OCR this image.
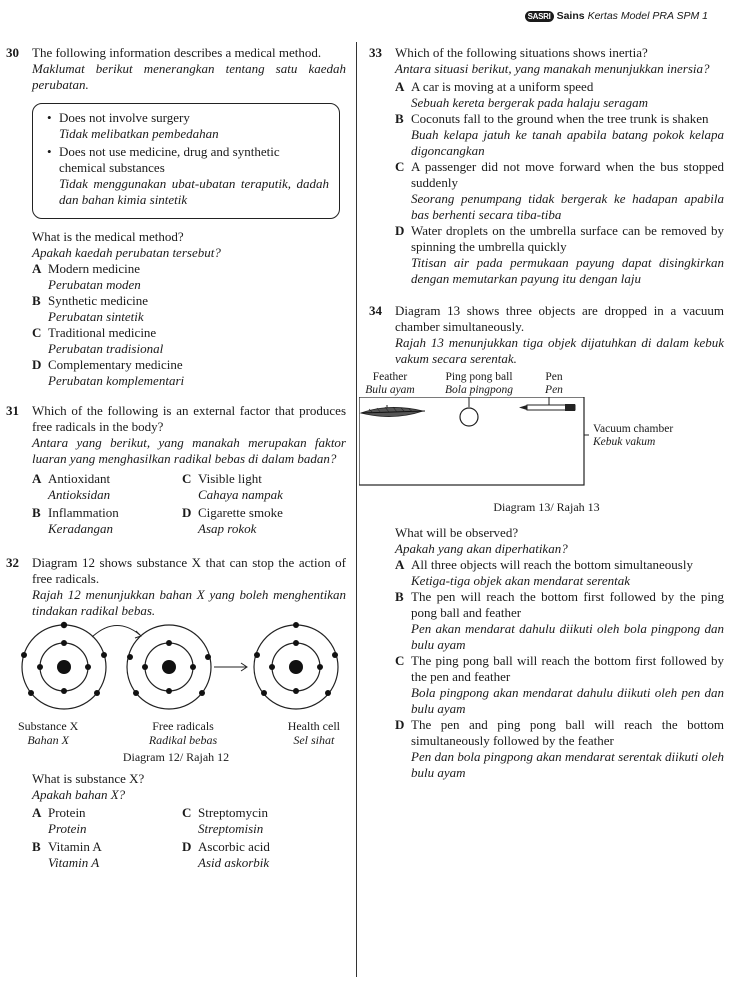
SASRI Sains Kertas Model PRA SPM 1
30 The following information describes a medical method.
Maklumat berikut menerangkan tentang satu kaedah perubatan.
• Does not involve surgery
Tidak melibatkan pembedahan
• Does not use medicine, drug and synthetic chemical substances
Tidak menggunakan ubat-ubatan teraputik, dadah dan bahan kimia sintetik
What is the medical method?
Apakah kaedah perubatan tersebut?
A Modern medicine
Perubatan moden
B Synthetic medicine
Perubatan sintetik
C Traditional medicine
Perubatan tradisional
D Complementary medicine
Perubatan komplementari
31 Which of the following is an external factor that produces free radicals in the body?
Antara yang berikut, yang manakah merupakan faktor luaran yang menghasilkan radikal bebas di dalam badan?
A Antioxidant
Antioksidan
C Visible light
Cahaya nampak
B Inflammation
Keradangan
D Cigarette smoke
Asap rokok
32 Diagram 12 shows substance X that can stop the action of free radicals.
Rajah 12 menunjukkan bahan X yang boleh menghentikan tindakan radikal bebas.
Substance X
Bahan X
Free radicals
Radikal bebas
Health cell
Sel sihat
Diagram 12/ Rajah 12
What is substance X?
Apakah bahan X?
A Protein
Protein
C Streptomycin
Streptomisin
B Vitamin A
Vitamin A
D Ascorbic acid
Asid askorbik
33 Which of the following situations shows inertia?
Antara situasi berikut, yang manakah menunjukkan inersia?
A A car is moving at a uniform speed
Sebuah kereta bergerak pada halaju seragam
B Coconuts fall to the ground when the tree trunk is shaken
Buah kelapa jatuh ke tanah apabila batang pokok kelapa digoncangkan
C A passenger did not move forward when the bus stopped suddenly
Seorang penumpang tidak bergerak ke hadapan apabila bas berhenti secara tiba-tiba
D Water droplets on the umbrella surface can be removed by spinning the umbrella quickly
Titisan air pada permukaan payung dapat disingkirkan dengan memutarkan payung itu dengan laju
34 Diagram 13 shows three objects are dropped in a vacuum chamber simultaneously.
Rajah 13 menunjukkan tiga objek dijatuhkan di dalam kebuk vakum secara serentak.
Feather
Bulu ayam
Ping pong ball
Bola pingpong
Pen
Pen
Vacuum chamber
Kebuk vakum
Diagram 13/ Rajah 13
What will be observed?
Apakah yang akan diperhatikan?
A All three objects will reach the bottom simultaneously
Ketiga-tiga objek akan mendarat serentak
B The pen will reach the bottom first followed by the ping pong ball and feather
Pen akan mendarat dahulu diikuti oleh bola pingpong dan bulu ayam
C The ping pong ball will reach the bottom first followed by the pen and feather
Bola pingpong akan mendarat dahulu diikuti oleh pen dan bulu ayam
D The pen and ping pong ball will reach the bottom simultaneously followed by the feather
Pen dan bola pingpong akan mendarat serentak diikuti oleh bulu ayam
